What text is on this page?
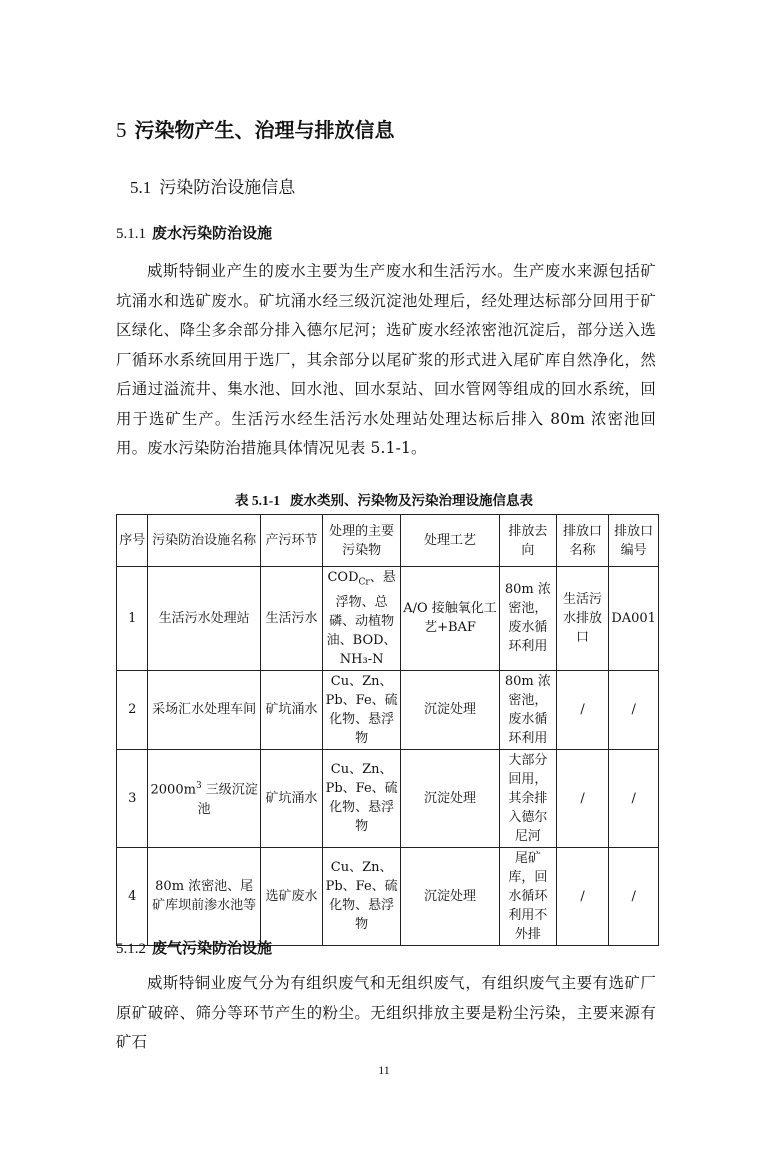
5 污染物产生、治理与排放信息
5.1 污染防治设施信息
5.1.1 废水污染防治设施

威斯特铜业产生的废水主要为生产废水和生活污水。生产废水来源包括矿坑涌水和选矿废水。矿坑涌水经三级沉淀池处理后，经处理达标部分回用于矿区绿化、降尘多余部分排入德尔尼河；选矿废水经浓密池沉淀后，部分送入选厂循环水系统回用于选厂，其余部分以尾矿浆的形式进入尾矿库自然净化，然后通过溢流井、集水池、回水池、回水泵站、回水管网等组成的回水系统，回用于选矿生产。生活污水经生活污水处理站处理达标后排入 80m 浓密池回用。废水污染防治措施具体情况见表 5.1-1。

表 5.1-1 废水类别、污染物及污染治理设施信息表

序号	污染防治设施名称	产污环节	处理的主要污染物	处理工艺	排放去向	排放口名称	排放口编号
1	生活污水处理站	生活污水	$COD_{Cr}$、悬浮物、总磷、动植物油、BOD、NH₃-N	A/O 接触氧化工艺+BAF	80m 浓密池，废水循环利用	生活污水排放口	DA001
2	采场汇水处理车间	矿坑涌水	Cu、Zn、Pb、Fe、硫化物、悬浮物	沉淀处理	80m 浓密池，废水循环利用	/	/
3	$2000m^3$ 三级沉淀池	矿坑涌水	Cu、Zn、Pb、Fe、硫化物、悬浮物	沉淀处理	大部分回用，其余排入德尔尼河	/	/
4	80m 浓密池、尾矿库坝前渗水池等	选矿废水	Cu、Zn、Pb、Fe、硫化物、悬浮物	沉淀处理	尾矿库，回水循环利用不外排	/	/
5.1.2 废气污染防治设施

威斯特铜业废气分为有组织废气和无组织废气，有组织废气主要有选矿厂原矿破碎、筛分等环节产生的粉尘。无组织排放主要是粉尘污染，主要来源有矿石

11
